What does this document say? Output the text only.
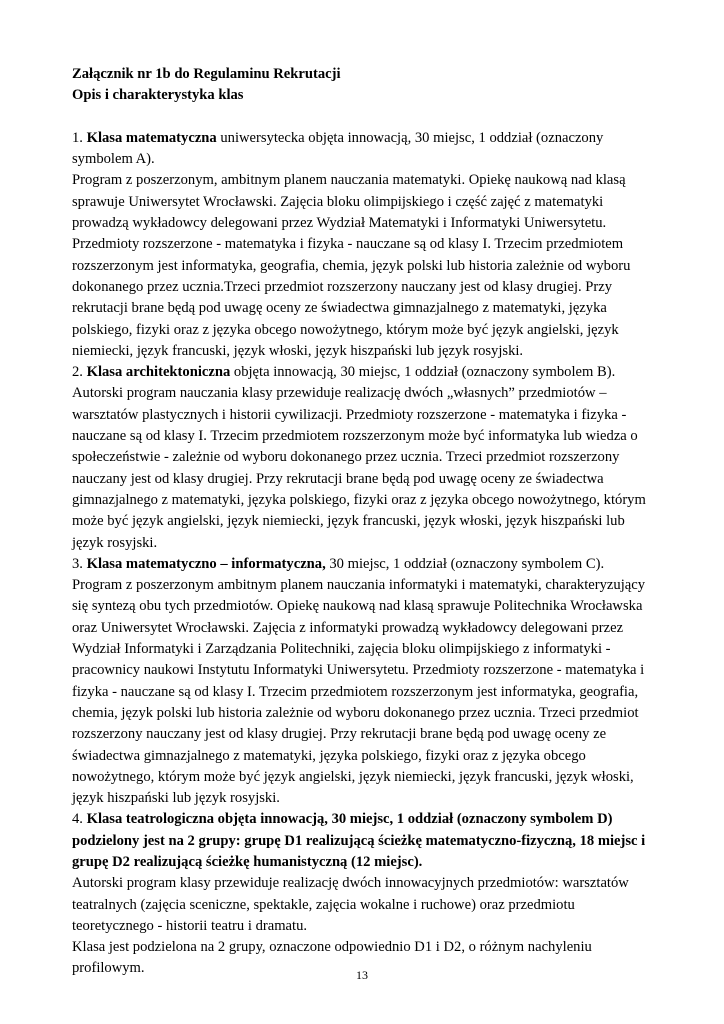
Załącznik nr 1b do Regulaminu Rekrutacji

Opis i charakterystyka klas

1. Klasa matematyczna uniwersytecka objęta innowacją, 30 miejsc, 1 oddział (oznaczony symbolem A).

Program z poszerzonym, ambitnym planem nauczania matematyki. Opiekę naukową nad klasą sprawuje Uniwersytet Wrocławski. Zajęcia bloku olimpijskiego i część zajęć z matematyki prowadzą wykładowcy delegowani przez Wydział Matematyki i Informatyki Uniwersytetu. Przedmioty rozszerzone - matematyka i fizyka - nauczane są od klasy I. Trzecim przedmiotem rozszerzonym jest informatyka, geografia, chemia, język polski lub historia zależnie od wyboru dokonanego przez ucznia.Trzeci przedmiot rozszerzony nauczany jest od klasy drugiej. Przy rekrutacji brane będą pod uwagę oceny ze świadectwa gimnazjalnego z matematyki, języka polskiego, fizyki oraz z języka obcego nowożytnego, którym może być język angielski, język niemiecki, język francuski, język włoski, język hiszpański lub język rosyjski.

2. Klasa architektoniczna objęta innowacją, 30 miejsc, 1 oddział (oznaczony symbolem B).

Autorski program nauczania klasy przewiduje realizację dwóch „własnych” przedmiotów – warsztatów plastycznych i historii cywilizacji. Przedmioty rozszerzone - matematyka i fizyka - nauczane są od klasy I. Trzecim przedmiotem rozszerzonym może być informatyka lub wiedza o społeczeństwie - zależnie od wyboru dokonanego przez ucznia. Trzeci przedmiot rozszerzony nauczany jest od klasy drugiej. Przy rekrutacji brane będą pod uwagę oceny ze świadectwa gimnazjalnego z matematyki, języka polskiego, fizyki oraz z języka obcego nowożytnego, którym może być język angielski, język niemiecki, język francuski, język włoski, język hiszpański lub język rosyjski.

3. Klasa matematyczno – informatyczna, 30 miejsc, 1 oddział (oznaczony symbolem C).

Program z poszerzonym ambitnym planem nauczania informatyki i matematyki, charakteryzujący się syntezą obu tych przedmiotów. Opiekę naukową nad klasą sprawuje Politechnika Wrocławska oraz Uniwersytet Wrocławski. Zajęcia z informatyki prowadzą wykładowcy delegowani przez Wydział Informatyki i Zarządzania Politechniki, zajęcia bloku olimpijskiego z informatyki - pracownicy naukowi Instytutu Informatyki Uniwersytetu. Przedmioty rozszerzone - matematyka i fizyka - nauczane są od klasy I. Trzecim przedmiotem rozszerzonym jest informatyka, geografia, chemia, język polski lub historia zależnie od wyboru dokonanego przez ucznia. Trzeci przedmiot rozszerzony nauczany jest od klasy drugiej. Przy rekrutacji brane będą pod uwagę oceny ze świadectwa gimnazjalnego z matematyki, języka polskiego, fizyki oraz z języka obcego nowożytnego, którym może być język angielski, język niemiecki, język francuski, język włoski, język hiszpański lub język rosyjski.

4. Klasa teatrologiczna objęta innowacją, 30 miejsc, 1 oddział (oznaczony symbolem D) podzielony jest na 2 grupy: grupę D1 realizującą ścieżkę matematyczno-fizyczną, 18 miejsc i grupę D2 realizującą ścieżkę humanistyczną (12 miejsc).

Autorski program klasy przewiduje realizację dwóch innowacyjnych przedmiotów: warsztatów teatralnych (zajęcia sceniczne, spektakle, zajęcia wokalne i ruchowe) oraz przedmiotu teoretycznego - historii teatru i dramatu.

Klasa jest podzielona na 2 grupy, oznaczone odpowiednio D1 i D2, o różnym nachyleniu profilowym.	13
